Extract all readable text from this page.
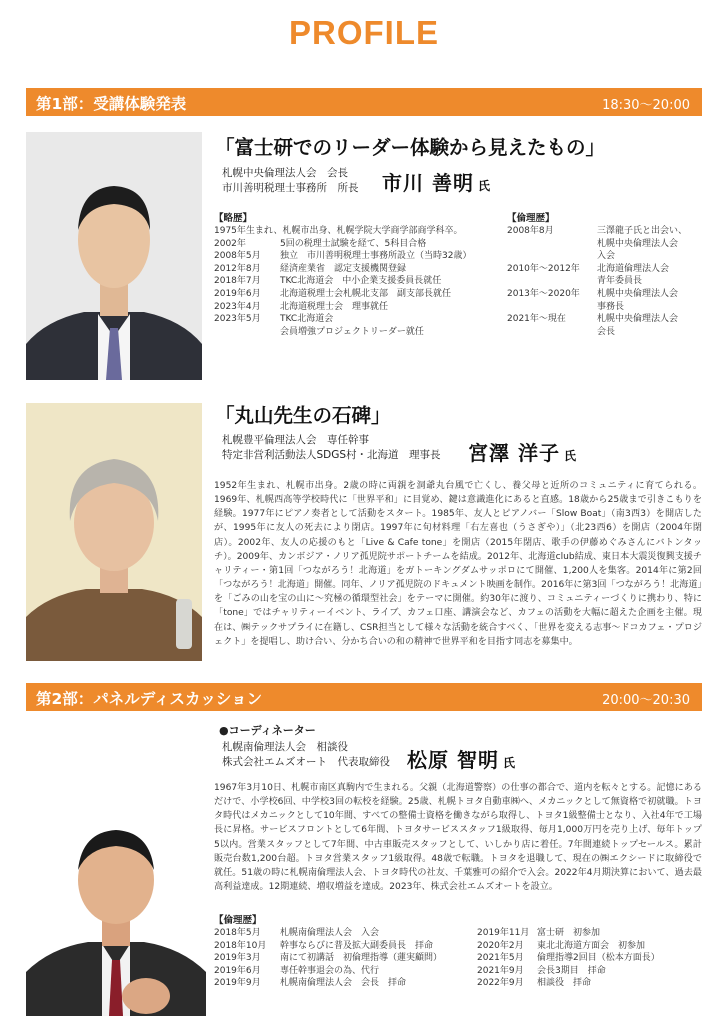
PROFILE
第1部：受講体験発表	18:30〜20:00
「富士研でのリーダー体験から見えたもの」
札幌中央倫理法人会　会長
市川善明税理士事務所　所長 市川 善明 氏
【略歴】
1975年生まれ、札幌市出身、札幌学院大学商学部商学科卒。	
2002年	5回の税理士試験を経て、5科目合格
2008年5月	独立　市川善明税理士事務所設立（当時32歳）
2012年8月	経済産業省　認定支援機関登録
2018年7月	TKC北海道会　中小企業支援委員長就任
2019年6月	北海道税理士会札幌北支部　副支部長就任
2023年4月	北海道税理士会　理事就任
2023年5月	TKC北海道会
	会員増強プロジェクトリーダー就任
【倫理歴】
2008年8月	三澤龍子氏と出会い、
	札幌中央倫理法人会
	入会
2010年〜2012年	北海道倫理法人会
	青年委員長
2013年〜2020年	札幌中央倫理法人会
	事務長
2021年〜現在	札幌中央倫理法人会
	会長
「丸山先生の石碑」
札幌豊平倫理法人会　専任幹事
特定非営利活動法人SDGS村・北海道　理事長 宮澤 洋子 氏
1952年生まれ、札幌市出身。2歳の時に両親を洞爺丸台風で亡くし、養父母と近所のコミュニティに育てられる。1969年、札幌西高等学校時代に「世界平和」に目覚め、鍵は意識進化にあると直感。18歳から25歳まで引きこもりを経験。1977年にピアノ奏者として活動をスタート。1985年、友人とピアノバー「Slow Boat」（南3西3）を開店したが、1995年に友人の死去により閉店。1997年に旬材料理「右左喜也（うさぎや）」（北23西6）を開店（2004年閉店）。2002年、友人の応援のもと「Live & Cafe tone」を開店（2015年閉店、歌手の伊藤めぐみさんにバトンタッチ）。2009年、カンボジア・ノリア孤児院サポートチームを結成。2012年、北海道club結成、東日本大震災復興支援チャリティー・第1回「つながろう！北海道」をガトーキングダムサッポロにて開催、1,200人を集客。2014年に第2回「つながろう！北海道」開催。同年、ノリア孤児院のドキュメント映画を制作。2016年に第3回「つながろう！北海道」を「ごみの山を宝の山に〜究極の循環型社会」をテーマに開催。約30年に渡り、コミュニティーづくりに携わり、特に「tone」ではチャリティーイベント、ライブ、カフェ口座、講演会など、カフェの活動を大幅に超えた企画を主催。現在は、㈱テックサプライに在籍し、CSR担当として様々な活動を統合すべく、「世界を変える志事〜ドコカフェ・プロジェクト」を提唱し、助け合い、分かち合いの和の精神で世界平和を目指す同志を募集中。
第2部：パネルディスカッション	20:00〜20:30
●コーディネーター
札幌南倫理法人会　相談役
株式会社エムズオート　代表取締役 松原 智明 氏
1967年3月10日、札幌市南区真駒内で生まれる。父親（北海道警察）の仕事の都合で、道内を転々とする。記憶にあるだけで、小学校6回、中学校3回の転校を経験。25歳、札幌トヨタ自動車㈱へ、メカニックとして無資格で初就職。トヨタ時代はメカニックとして10年間、すべての整備士資格を働きながら取得し、トヨタ1級整備士となり、入社4年で工場長に昇格。サービスフロントとして6年間、トヨタサービススタッフ1級取得、毎月1,000万円を売り上げ、毎年トップ5以内。営業スタッフとして7年間、中古車販売スタッフとして、いしかり店に着任。7年間連続トップセールス。累計販売台数1,200台超。トヨタ営業スタッフ1級取得。48歳で転職。トヨタを退職して、現在の㈱エクシードに取締役で就任。51歳の時に札幌南倫理法人会、トヨタ時代の社友、千葉雅可の紹介で入会。2022年4月期決算において、過去最高利益達成。12期連続、増収増益を達成。2023年、株式会社エムズオートを設立。
【倫理歴】
2018年5月	札幌南倫理法人会　入会
2018年10月	幹事ならびに普及拡大副委員長　拝命
2019年3月	南にて初講話　初倫理指導（蓮実顧問）
2019年6月	専任幹事退会の為、代行
2019年9月	札幌南倫理法人会　会長　拝命
2019年11月	富士研　初参加
2020年2月	東北北海道方面会　初参加
2021年5月	倫理指導2回目（松本方面長）
2021年9月	会長3期目　拝命
2022年9月	相談役　拝命
